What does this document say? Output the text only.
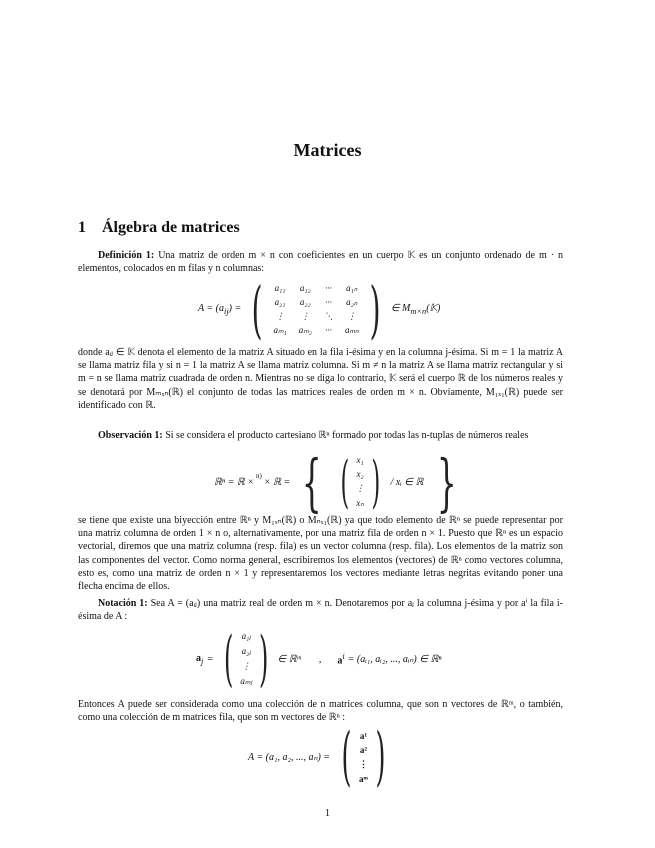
Matrices
1 Álgebra de matrices
Definición 1: Una matriz de orden m × n con coeficientes en un cuerpo 𝕂 es un conjunto ordenado de m · n elementos, colocados en m filas y n columnas:
$A = (a_{ij})$ = ( a₁₁ a₁₂ ··· a₁ₙ
a₂₁ a₂₂ ··· a₂ₙ
⋮ ⋮ ⋱ ⋮
aₘ₁ aₘ₂ ··· aₘₙ ) ∈ $M_{m\times n}(𝕂)$
donde aᵢⱼ ∈ 𝕂 denota el elemento de la matriz A situado en la fila i-ésima y en la columna j-ésima. Si m = 1 la matriz A se llama matriz fila y si n = 1 la matriz A se llama matriz columna. Si m ≠ n la matriz A se llama matriz rectangular y si m = n se llama matriz cuadrada de orden n. Mientras no se diga lo contrario, 𝕂 será el cuerpo ℝ de los números reales y se denotará por Mₘₓₙ(ℝ) el conjunto de todas las matrices reales de orden m × n. Obviamente, M₁ₓ₁(ℝ) puede ser identificado con ℝ.
Observación 1: Si se considera el producto cartesiano ℝⁿ formado por todas las n-tuplas de números reales
ℝⁿ = ℝ ×
n)
× ℝ = { ( x₁
x₂
⋮
xₙ ) / xᵢ ∈ ℝ }
se tiene que existe una biyección entre ℝⁿ y M₁ₓₙ(ℝ) o Mₙₓ₁(ℝ) ya que todo elemento de ℝⁿ se puede representar por una matriz columna de orden 1 × n o, alternativamente, por una matriz fila de orden n × 1. Puesto que ℝⁿ es un espacio vectorial, diremos que una matriz columna (resp. fila) es un vector columna (resp. fila). Los elementos de la matriz son las componentes del vector. Como norma general, escribiremos los elementos (vectores) de ℝⁿ como vectores columna, esto es, como una matriz de orden n × 1 y representaremos los vectores mediante letras negritas evitando poner una flecha encima de ellos.
Notación 1: Sea A = (aᵢⱼ) una matriz real de orden m × n. Denotaremos por aⱼ la columna j-ésima y por aⁱ la fila i-ésima de A :
$a_j$ = ( a₁ⱼ
a₂ⱼ
⋮
aₘⱼ ) ∈ ℝᵐ , $a^i$ = (aᵢ₁, aᵢ₂, ..., aᵢₙ) ∈ ℝⁿ
Entonces A puede ser considerada como una colección de n matrices columna, que son n vectores de ℝᵐ, o también, como una colección de m matrices fila, que son m vectores de ℝⁿ :
A = (a₁, a₂, ..., aₙ) = ( a¹
a²
⋮
aᵐ )
1
